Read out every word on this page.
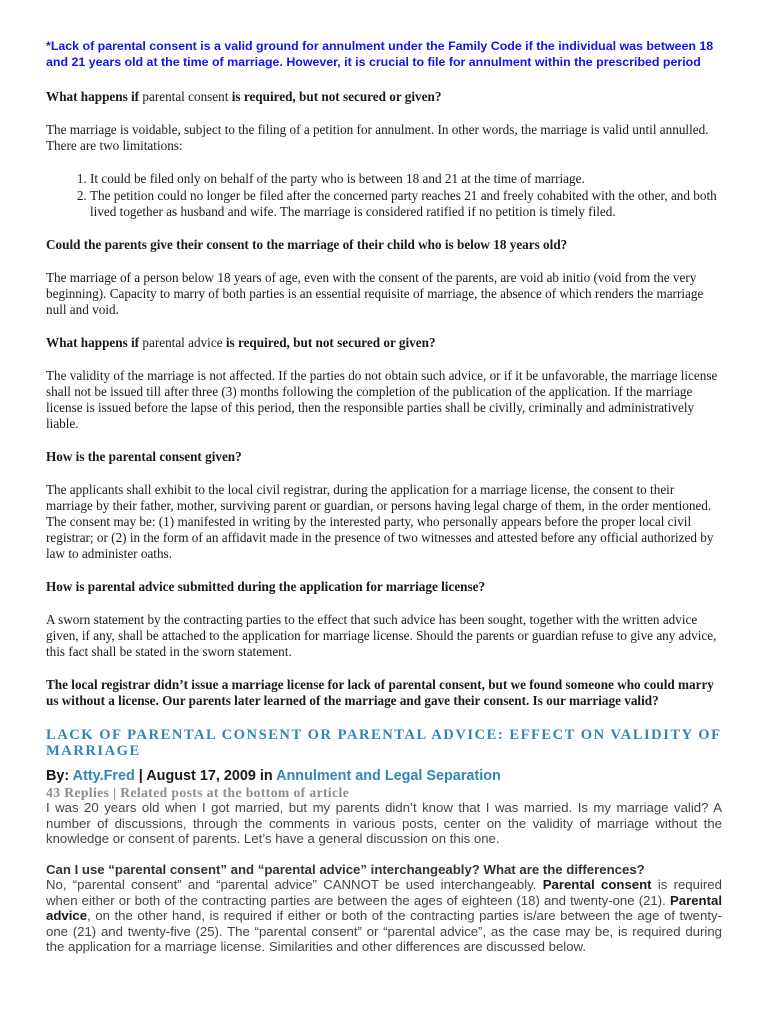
*Lack of parental consent is a valid ground for annulment under the Family Code if the individual was between 18 and 21 years old at the time of marriage. However, it is crucial to file for annulment within the prescribed period

What happens if parental consent is required, but not secured or given?

The marriage is voidable, subject to the filing of a petition for annulment. In other words, the marriage is valid until annulled. There are two limitations:

1. It could be filed only on behalf of the party who is between 18 and 21 at the time of marriage.
2. The petition could no longer be filed after the concerned party reaches 21 and freely cohabited with the other, and both lived together as husband and wife. The marriage is considered ratified if no petition is timely filed.

Could the parents give their consent to the marriage of their child who is below 18 years old?

The marriage of a person below 18 years of age, even with the consent of the parents, are void ab initio (void from the very beginning). Capacity to marry of both parties is an essential requisite of marriage, the absence of which renders the marriage null and void.

What happens if parental advice is required, but not secured or given?

The validity of the marriage is not affected. If the parties do not obtain such advice, or if it be unfavorable, the marriage license shall not be issued till after three (3) months following the completion of the publication of the application. If the marriage license is issued before the lapse of this period, then the responsible parties shall be civilly, criminally and administratively liable.

How is the parental consent given?

The applicants shall exhibit to the local civil registrar, during the application for a marriage license, the consent to their marriage by their father, mother, surviving parent or guardian, or persons having legal charge of them, in the order mentioned. The consent may be: (1) manifested in writing by the interested party, who personally appears before the proper local civil registrar; or (2) in the form of an affidavit made in the presence of two witnesses and attested before any official authorized by law to administer oaths.

How is parental advice submitted during the application for marriage license?

A sworn statement by the contracting parties to the effect that such advice has been sought, together with the written advice given, if any, shall be attached to the application for marriage license. Should the parents or guardian refuse to give any advice, this fact shall be stated in the sworn statement.

The local registrar didn’t issue a marriage license for lack of parental consent, but we found someone who could marry us without a license. Our parents later learned of the marriage and gave their consent. Is our marriage valid?

LACK OF PARENTAL CONSENT OR PARENTAL ADVICE: EFFECT ON VALIDITY OF MARRIAGE

By: Atty.Fred | August 17, 2009 in Annulment and Legal Separation

43 Replies | Related posts at the bottom of article

I was 20 years old when I got married, but my parents didn’t know that I was married. Is my marriage valid? A number of discussions, through the comments in various posts, center on the validity of marriage without the knowledge or consent of parents. Let’s have a general discussion on this one.

Can I use “parental consent” and “parental advice” interchangeably? What are the differences?

No, “parental consent” and “parental advice” CANNOT be used interchangeably. Parental consent is required when either or both of the contracting parties are between the ages of eighteen (18) and twenty-one (21). Parental advice, on the other hand, is required if either or both of the contracting parties is/are between the age of twenty-one (21) and twenty-five (25). The “parental consent” or “parental advice”, as the case may be, is required during the application for a marriage license. Similarities and other differences are discussed below.
